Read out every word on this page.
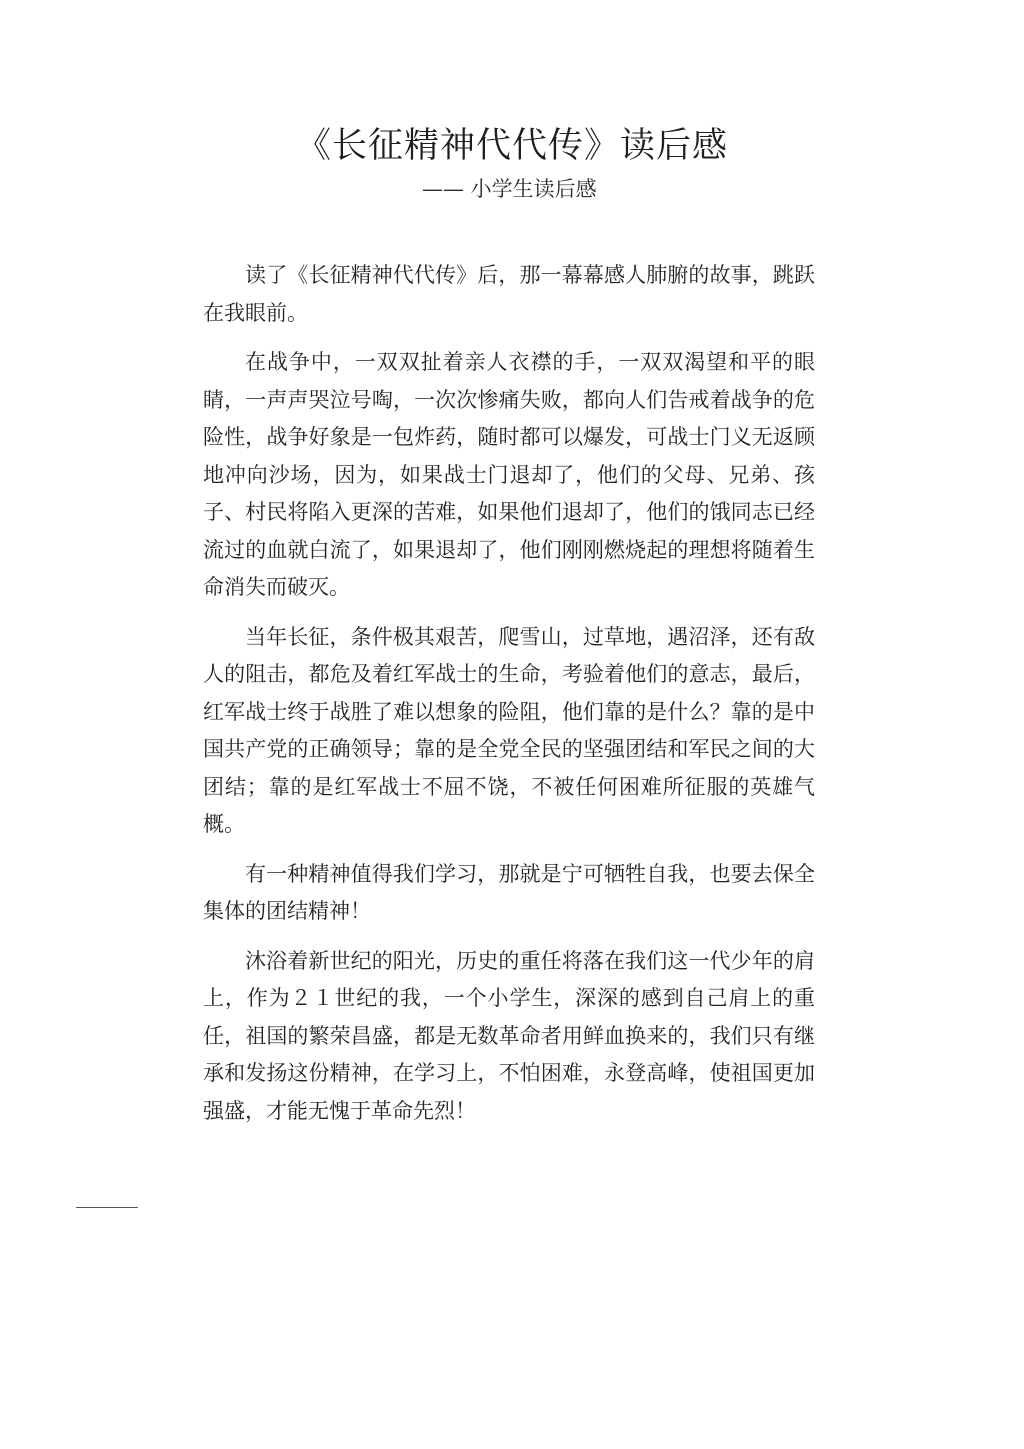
《长征精神代代传》读后感
—— 小学生读后感

读了《长征精神代代传》后，那一幕幕感人肺腑的故事，跳跃在我眼前。

在战争中，一双双扯着亲人衣襟的手，一双双渴望和平的眼睛，一声声哭泣号啕，一次次惨痛失败，都向人们告戒着战争的危险性，战争好象是一包炸药，随时都可以爆发，可战士门义无返顾地冲向沙场，因为，如果战士门退却了，他们的父母、兄弟、孩子、村民将陷入更深的苦难，如果他们退却了，他们的饿同志已经流过的血就白流了，如果退却了，他们刚刚燃烧起的理想将随着生命消失而破灭。

当年长征，条件极其艰苦，爬雪山，过草地，遇沼泽，还有敌人的阻击，都危及着红军战士的生命，考验着他们的意志，最后，红军战士终于战胜了难以想象的险阻，他们靠的是什么？靠的是中国共产党的正确领导；靠的是全党全民的坚强团结和军民之间的大团结；靠的是红军战士不屈不饶，不被任何困难所征服的英雄气概。

有一种精神值得我们学习，那就是宁可牺牲自我，也要去保全集体的团结精神！

沐浴着新世纪的阳光，历史的重任将落在我们这一代少年的肩上，作为２１世纪的我，一个小学生，深深的感到自己肩上的重任，祖国的繁荣昌盛，都是无数革命者用鲜血换来的，我们只有继承和发扬这份精神，在学习上，不怕困难，永登高峰，使祖国更加强盛，才能无愧于革命先烈！
